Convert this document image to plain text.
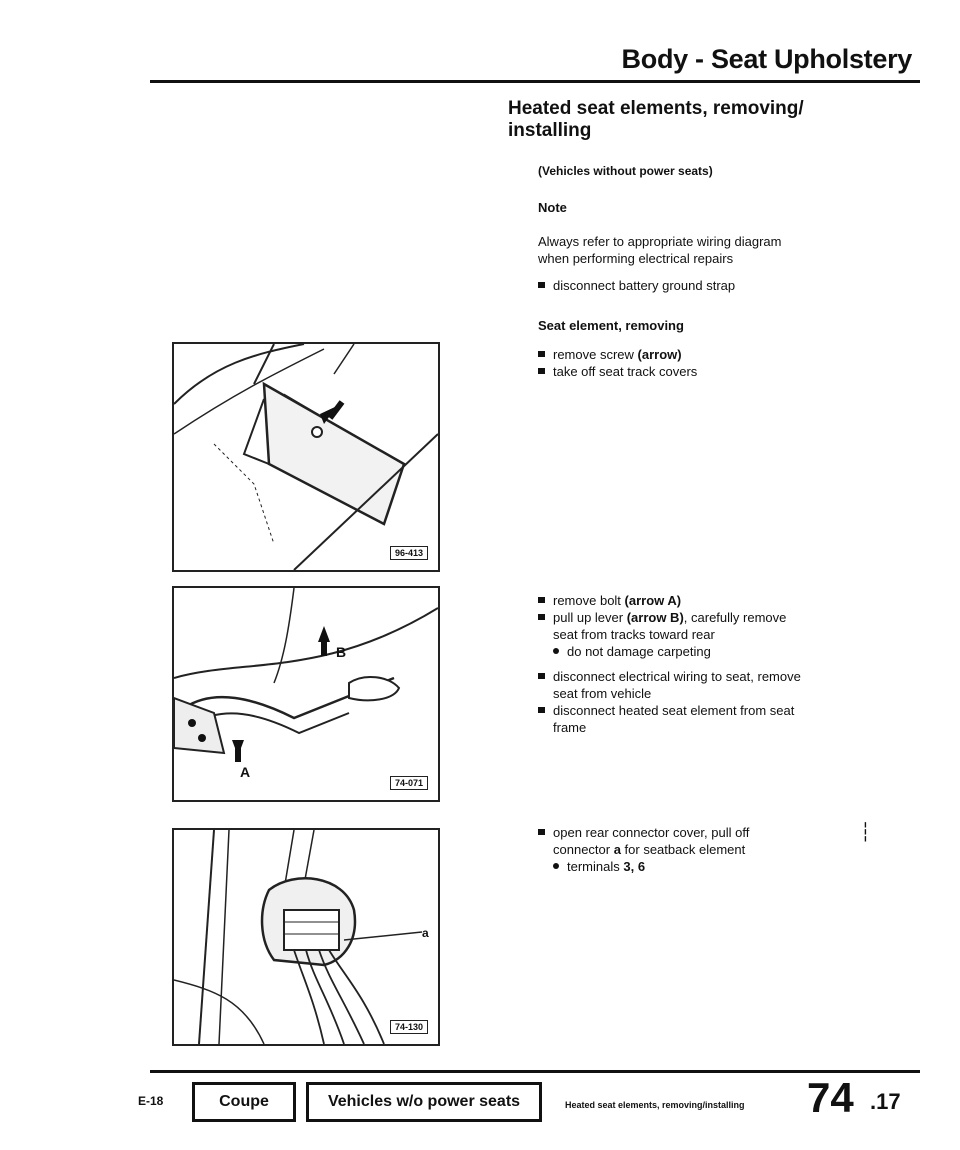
Body - Seat Upholstery
Heated seat elements, removing/
installing
(Vehicles without power seats)
Note
Always refer to appropriate wiring diagram
when performing electrical repairs
disconnect battery ground strap
Seat element, removing
remove screw (arrow)
take off seat track covers
remove bolt (arrow A)
pull up lever (arrow B), carefully remove
seat from tracks toward rear
do not damage carpeting
disconnect electrical wiring to seat, remove
seat from vehicle
disconnect heated seat element from seat
frame
open rear connector cover, pull off
connector a for seatback element
terminals 3, 6
┆
96-413
B
A
74-071
a
74-130
E-18	Coupe	Vehicles w/o power seats	Heated seat elements, removing/installing 74 .17
